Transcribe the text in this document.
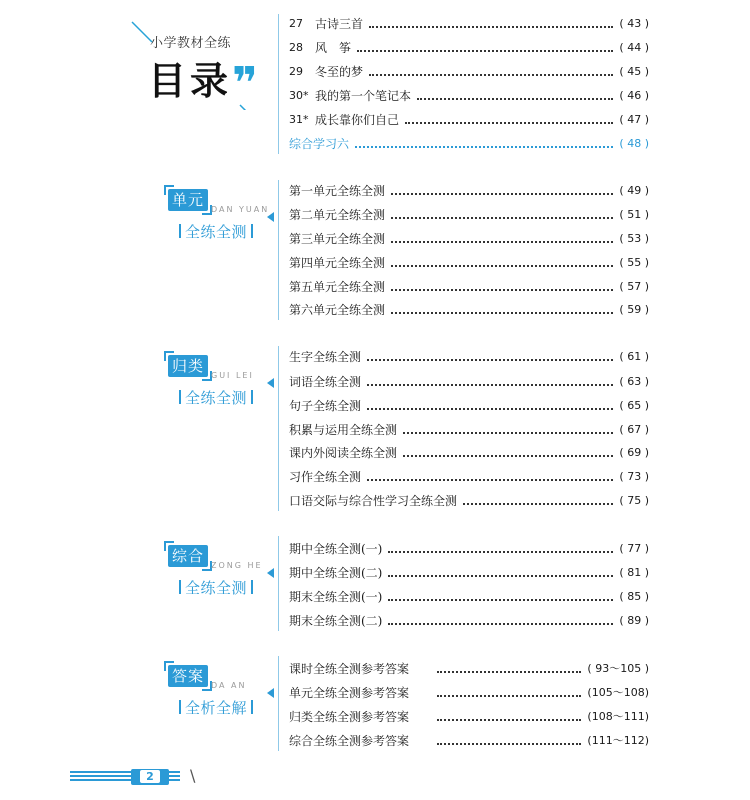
小学教材全练
目录 ❞
单元
DAN YUAN
全练全测
归类
GUI LEI
全练全测
综合
ZONG HE
全练全测
答案
DA AN
全析全解
27	古诗三首	( 43 )
28	风　筝	( 44 )
29	冬至的梦	( 45 )
30* 我的第一个笔记本	( 46 )
31* 成长靠你们自己	( 47 )
综合学习六	( 48 )
第一单元全练全测	( 49 )
第二单元全练全测	( 51 )
第三单元全练全测	( 53 )
第四单元全练全测	( 55 )
第五单元全练全测	( 57 )
第六单元全练全测	( 59 )
生字全练全测	( 61 )
词语全练全测	( 63 )
句子全练全测	( 65 )
积累与运用全练全测	( 67 )
课内外阅读全练全测	( 69 )
习作全练全测	( 73 )
口语交际与综合性学习全练全测	( 75 )
期中全练全测(一)	( 77 )
期中全练全测(二)	( 81 )
期末全练全测(一)	( 85 )
期末全练全测(二)	( 89 )
课时全练全测参考答案	( 93～105 )
单元全练全测参考答案	(105～108)
归类全练全测参考答案	(108～111)
综合全练全测参考答案	(111～112)
2	\
